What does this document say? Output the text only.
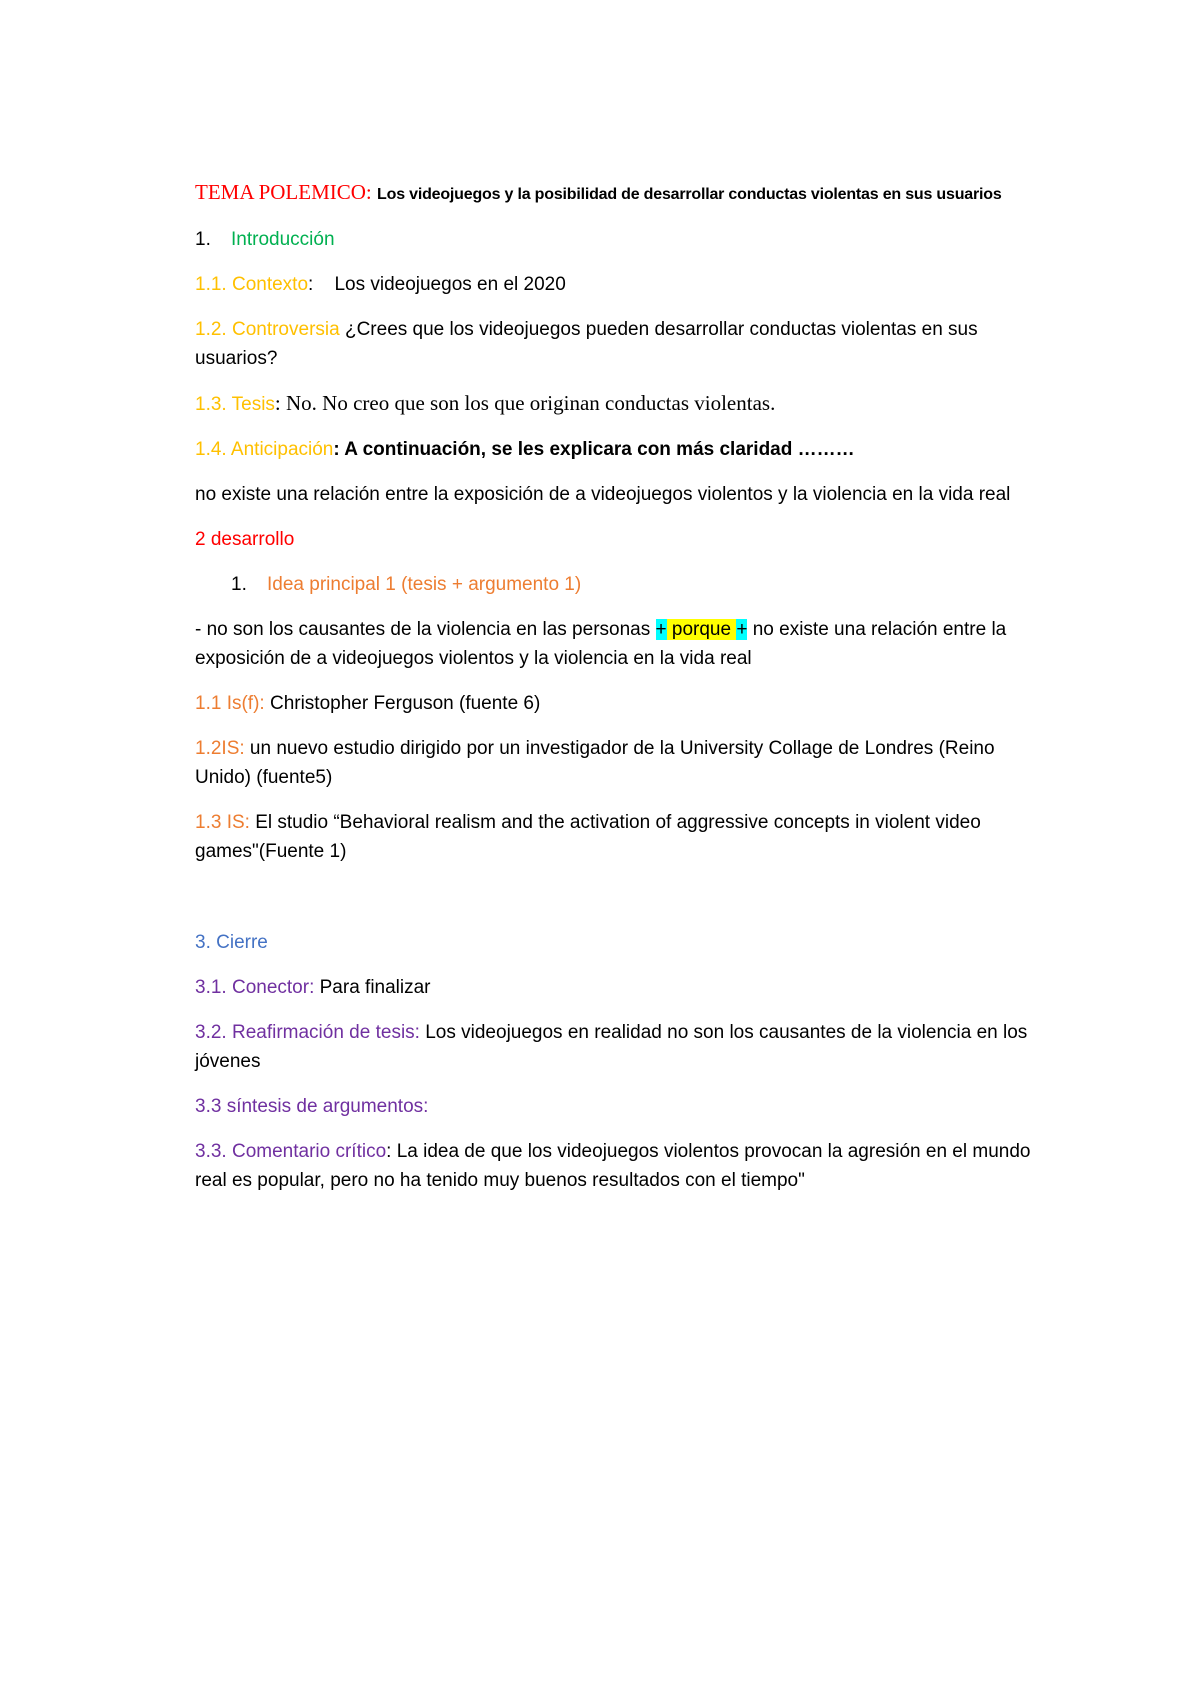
TEMA POLEMICO: Los videojuegos y la posibilidad de desarrollar conductas violentas en sus usuarios

1. Introducción

1.1. Contexto: Los videojuegos en el 2020

1.2. Controversia ¿Crees que los videojuegos pueden desarrollar conductas violentas en sus usuarios?

1.3. Tesis: No. No creo que son los que originan conductas violentas.

1.4. Anticipación: A continuación, se les explicara con más claridad ………

no existe una relación entre la exposición de a videojuegos violentos y la violencia en la vida real

2 desarrollo

1. Idea principal 1 (tesis + argumento 1)

- no son los causantes de la violencia en las personas + porque + no existe una relación entre la exposición de a videojuegos violentos y la violencia en la vida real

1.1 Is(f): Christopher Ferguson (fuente 6)

1.2IS: un nuevo estudio dirigido por un investigador de la University Collage de Londres (Reino Unido) (fuente5)

1.3 IS: El studio “Behavioral realism and the activation of aggressive concepts in violent video games"(Fuente 1)

3. Cierre

3.1. Conector: Para finalizar

3.2. Reafirmación de tesis: Los videojuegos en realidad no son los causantes de la violencia en los jóvenes

3.3 síntesis de argumentos:

3.3. Comentario crítico: La idea de que los videojuegos violentos provocan la agresión en el mundo real es popular, pero no ha tenido muy buenos resultados con el tiempo"
